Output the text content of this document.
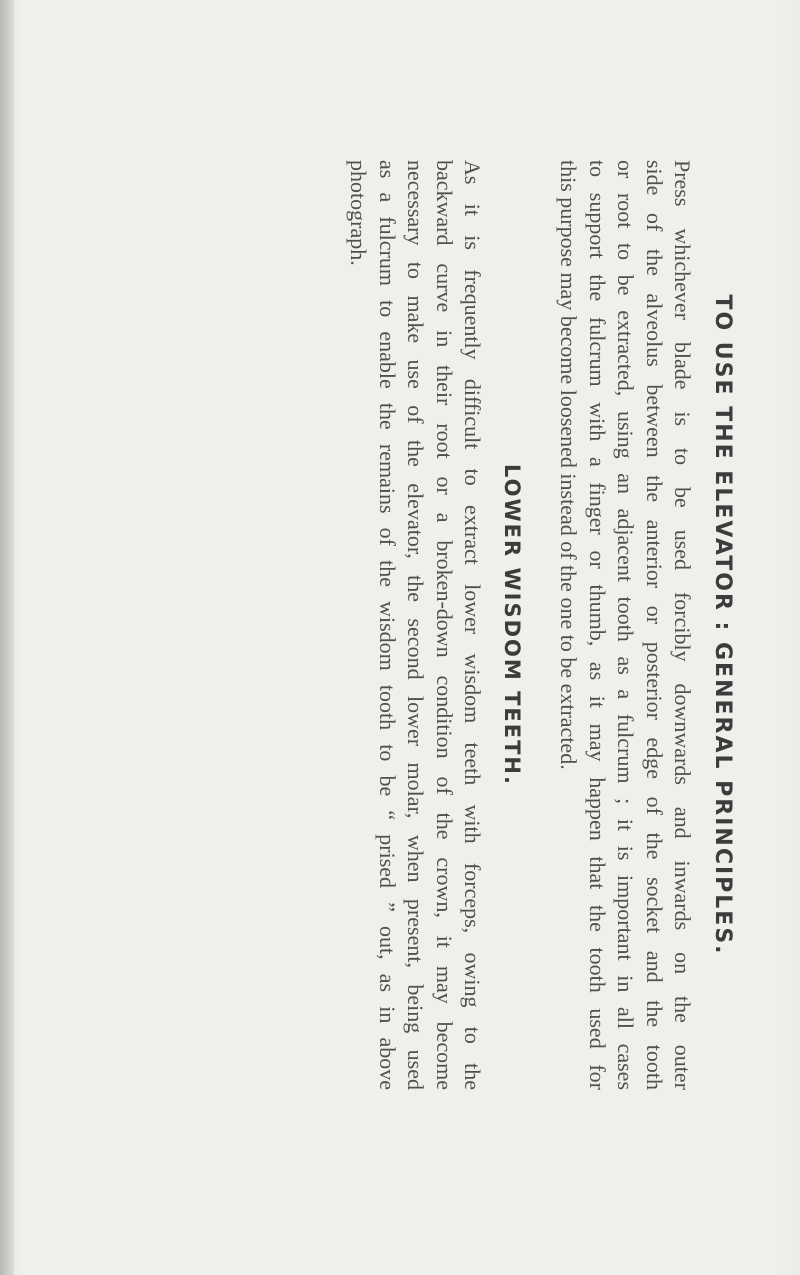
TO USE THE ELEVATOR : GENERAL PRINCIPLES.

Press whichever blade is to be used forcibly downwards and inwards on the outer
side of the alveolus between the anterior or posterior edge of the socket and the tooth
or root to be extracted, using an adjacent tooth as a fulcrum ; it is important in all cases
to support the fulcrum with a finger or thumb, as it may happen that the tooth used for
this purpose may become loosened instead of the one to be extracted.

LOWER WISDOM TEETH.

As it is frequently difficult to extract lower wisdom teeth with forceps, owing to the
backward curve in their root or a broken-down condition of the crown, it may become
necessary to make use of the elevator, the second lower molar, when present, being used
as a fulcrum to enable the remains of the wisdom tooth to be “ prised ” out, as in above
photograph.
